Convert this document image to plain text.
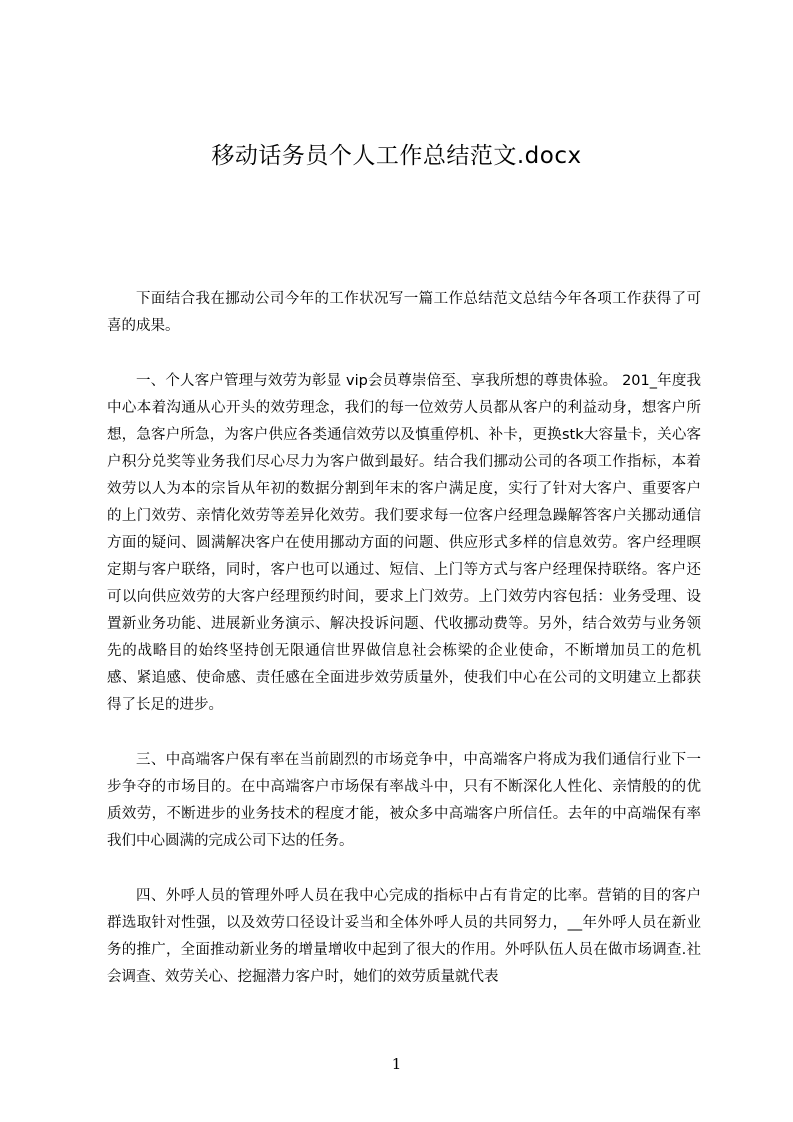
移动话务员个人工作总结范文.docx

下面结合我在挪动公司今年的工作状况写一篇工作总结范文总结今年各项工作获得了可喜的成果。

一、个人客户管理与效劳为彰显 vip会员尊崇倍至、享我所想的尊贵体验。 201_年度我中心本着沟通从心开头的效劳理念，我们的每一位效劳人员都从客户的利益动身，想客户所想，急客户所急，为客户供应各类通信效劳以及慎重停机、补卡，更换stk大容量卡，关心客户积分兑奖等业务我们尽心尽力为客户做到最好。结合我们挪动公司的各项工作指标，本着效劳以人为本的宗旨从年初的数据分割到年末的客户满足度，实行了针对大客户、重要客户的上门效劳、亲情化效劳等差异化效劳。我们要求每一位客户经理急躁解答客户关挪动通信方面的疑问、圆满解决客户在使用挪动方面的问题、供应形式多样的信息效劳。客户经理暝定期与客户联络，同时，客户也可以通过、短信、上门等方式与客户经理保持联络。客户还可以向供应效劳的大客户经理预约时间，要求上门效劳。上门效劳内容包括：业务受理、设置新业务功能、进展新业务演示、解决投诉问题、代收挪动费等。另外，结合效劳与业务领先的战略目的始终坚持创无限通信世界做信息社会栋梁的企业使命，不断增加员工的危机感、紧追感、使命感、责任感在全面进步效劳质量外，使我们中心在公司的文明建立上都获得了长足的进步。

三、中高端客户保有率在当前剧烈的市场竞争中，中高端客户将成为我们通信行业下一步争夺的市场目的。在中高端客户市场保有率战斗中，只有不断深化人性化、亲情般的的优质效劳，不断进步的业务技术的程度才能，被众多中高端客户所信任。去年的中高端保有率我们中心圆满的完成公司下达的任务。

四、外呼人员的管理外呼人员在我中心完成的指标中占有肯定的比率。营销的目的客户群选取针对性强，以及效劳口径设计妥当和全体外呼人员的共同努力，__年外呼人员在新业务的推广，全面推动新业务的增量增收中起到了很大的作用。外呼队伍人员在做市场调查.社会调查、效劳关心、挖掘潜力客户时，她们的效劳质量就代表

1
